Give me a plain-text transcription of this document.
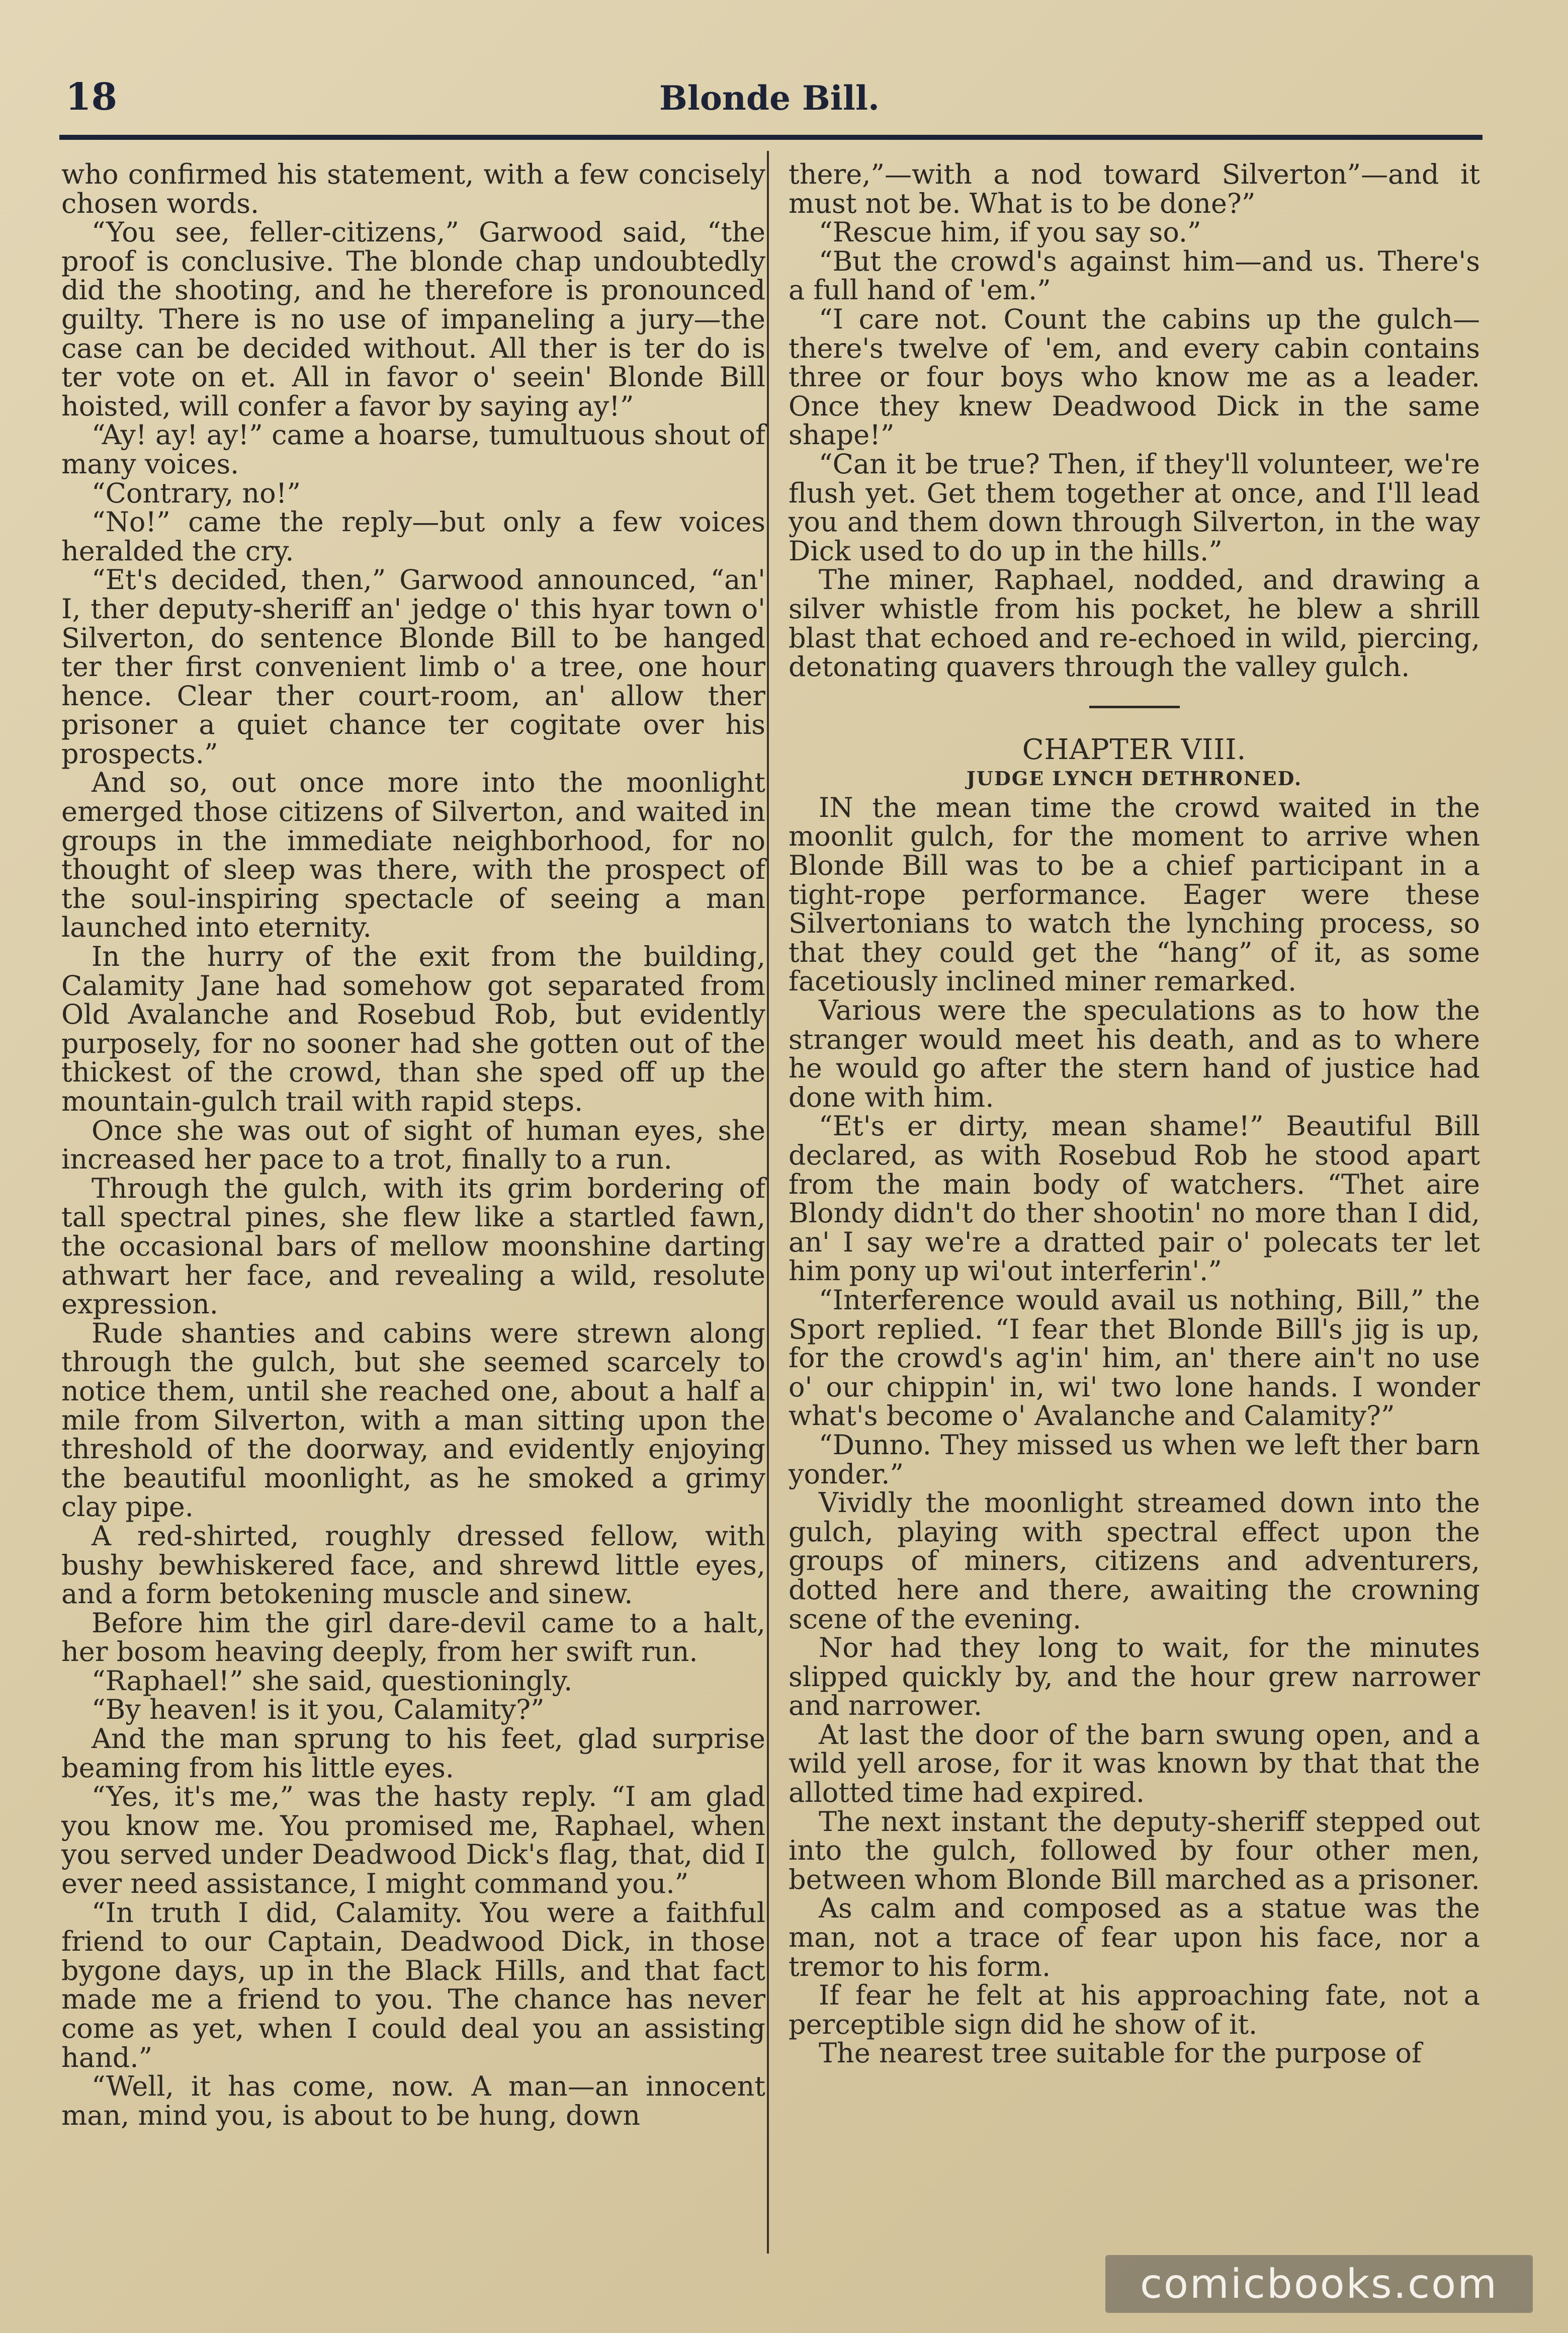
18	Blonde Bill.

who confirmed his statement, with a few concisely chosen words.

“You see, feller-citizens,” Garwood said, “the proof is conclusive. The blonde chap undoubtedly did the shooting, and he therefore is pronounced guilty. There is no use of impaneling a jury—the case can be decided without. All ther is ter do is ter vote on et. All in favor o' seein' Blonde Bill hoisted, will confer a favor by saying ay!”

“Ay! ay! ay!” came a hoarse, tumultuous shout of many voices.

“Contrary, no!”

“No!” came the reply—but only a few voices heralded the cry.

“Et's decided, then,” Garwood announced, “an' I, ther deputy-sheriff an' jedge o' this hyar town o' Silverton, do sentence Blonde Bill to be hanged ter ther first convenient limb o' a tree, one hour hence. Clear ther court-room, an' allow ther prisoner a quiet chance ter cogitate over his prospects.”

And so, out once more into the moonlight emerged those citizens of Silverton, and waited in groups in the immediate neighborhood, for no thought of sleep was there, with the prospect of the soul-inspiring spectacle of seeing a man launched into eternity.

In the hurry of the exit from the building, Calamity Jane had somehow got separated from Old Avalanche and Rosebud Rob, but evidently purposely, for no sooner had she gotten out of the thickest of the crowd, than she sped off up the mountain-gulch trail with rapid steps.

Once she was out of sight of human eyes, she increased her pace to a trot, finally to a run.

Through the gulch, with its grim bordering of tall spectral pines, she flew like a startled fawn, the occasional bars of mellow moonshine darting athwart her face, and revealing a wild, resolute expression.

Rude shanties and cabins were strewn along through the gulch, but she seemed scarcely to notice them, until she reached one, about a half a mile from Silverton, with a man sitting upon the threshold of the doorway, and evidently enjoying the beautiful moonlight, as he smoked a grimy clay pipe.

A red-shirted, roughly dressed fellow, with bushy bewhiskered face, and shrewd little eyes, and a form betokening muscle and sinew.

Before him the girl dare-devil came to a halt, her bosom heaving deeply, from her swift run.

“Raphael!” she said, questioningly.

“By heaven! is it you, Calamity?”

And the man sprung to his feet, glad surprise beaming from his little eyes.

“Yes, it's me,” was the hasty reply. “I am glad you know me. You promised me, Raphael, when you served under Deadwood Dick's flag, that, did I ever need assistance, I might command you.”

“In truth I did, Calamity. You were a faithful friend to our Captain, Deadwood Dick, in those bygone days, up in the Black Hills, and that fact made me a friend to you. The chance has never come as yet, when I could deal you an assisting hand.”

“Well, it has come, now. A man—an innocent man, mind you, is about to be hung, down

there,”—with a nod toward Silverton”—and it must not be. What is to be done?”

“Rescue him, if you say so.”

“But the crowd's against him—and us. There's a full hand of 'em.”

“I care not. Count the cabins up the gulch—there's twelve of 'em, and every cabin contains three or four boys who know me as a leader. Once they knew Deadwood Dick in the same shape!”

“Can it be true? Then, if they'll volunteer, we're flush yet. Get them together at once, and I'll lead you and them down through Silverton, in the way Dick used to do up in the hills.”

The miner, Raphael, nodded, and drawing a silver whistle from his pocket, he blew a shrill blast that echoed and re-echoed in wild, piercing, detonating quavers through the valley gulch.

CHAPTER VIII.

JUDGE LYNCH DETHRONED.

IN the mean time the crowd waited in the moonlit gulch, for the moment to arrive when Blonde Bill was to be a chief participant in a tight-rope performance. Eager were these Silvertonians to watch the lynching process, so that they could get the “hang” of it, as some facetiously inclined miner remarked.

Various were the speculations as to how the stranger would meet his death, and as to where he would go after the stern hand of justice had done with him.

“Et's er dirty, mean shame!” Beautiful Bill declared, as with Rosebud Rob he stood apart from the main body of watchers. “Thet aire Blondy didn't do ther shootin' no more than I did, an' I say we're a dratted pair o' polecats ter let him pony up wi'out interferin'.”

“Interference would avail us nothing, Bill,” the Sport replied. “I fear thet Blonde Bill's jig is up, for the crowd's ag'in' him, an' there ain't no use o' our chippin' in, wi' two lone hands. I wonder what's become o' Avalanche and Calamity?”

“Dunno. They missed us when we left ther barn yonder.”

Vividly the moonlight streamed down into the gulch, playing with spectral effect upon the groups of miners, citizens and adventurers, dotted here and there, awaiting the crowning scene of the evening.

Nor had they long to wait, for the minutes slipped quickly by, and the hour grew narrower and narrower.

At last the door of the barn swung open, and a wild yell arose, for it was known by that that the allotted time had expired.

The next instant the deputy-sheriff stepped out into the gulch, followed by four other men, between whom Blonde Bill marched as a prisoner.

As calm and composed as a statue was the man, not a trace of fear upon his face, nor a tremor to his form.

If fear he felt at his approaching fate, not a perceptible sign did he show of it.

The nearest tree suitable for the purpose of

comicbooks.com
